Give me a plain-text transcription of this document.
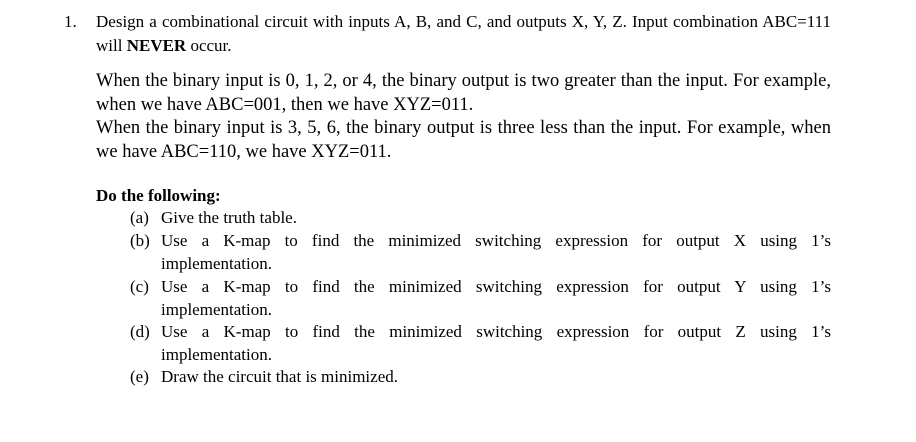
1. Design a combinational circuit with inputs A, B, and C, and outputs X, Y, Z. Input combination ABC=111 will NEVER occur.
When the binary input is 0, 1, 2, or 4, the binary output is two greater than the input. For example, when we have ABC=001, then we have XYZ=011.
When the binary input is 3, 5, 6, the binary output is three less than the input. For example, when we have ABC=110, we have XYZ=011.
Do the following:
(a) Give the truth table.
(b) Use a K-map to find the minimized switching expression for output X using 1’s
implementation.
(c) Use a K-map to find the minimized switching expression for output Y using 1’s
implementation.
(d) Use a K-map to find the minimized switching expression for output Z using 1’s
implementation.
(e) Draw the circuit that is minimized.
